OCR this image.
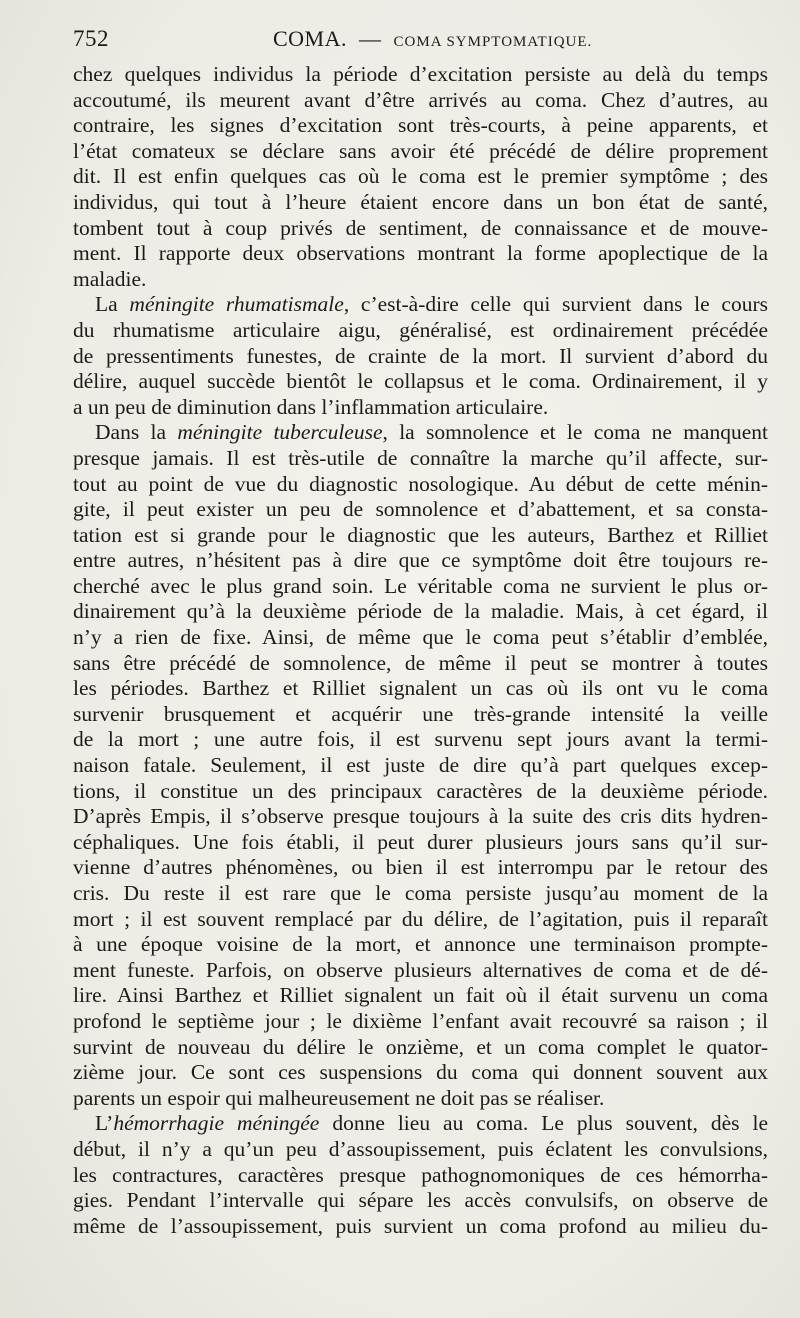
752	COMA. — COMA SYMPTOMATIQUE.
chez quelques individus la période d’excitation persiste au delà du temps
accoutumé, ils meurent avant d’être arrivés au coma. Chez d’autres, au
contraire, les signes d’excitation sont très-courts, à peine apparents, et
l’état comateux se déclare sans avoir été précédé de délire proprement
dit. Il est enfin quelques cas où le coma est le premier symptôme ; des
individus, qui tout à l’heure étaient encore dans un bon état de santé,
tombent tout à coup privés de sentiment, de connaissance et de mouve-
ment. Il rapporte deux observations montrant la forme apoplectique de la
maladie.
La méningite rhumatismale, c’est-à-dire celle qui survient dans le cours
du rhumatisme articulaire aigu, généralisé, est ordinairement précédée
de pressentiments funestes, de crainte de la mort. Il survient d’abord du
délire, auquel succède bientôt le collapsus et le coma. Ordinairement, il y
a un peu de diminution dans l’inflammation articulaire.
Dans la méningite tuberculeuse, la somnolence et le coma ne manquent
presque jamais. Il est très-utile de connaître la marche qu’il affecte, sur-
tout au point de vue du diagnostic nosologique. Au début de cette ménin-
gite, il peut exister un peu de somnolence et d’abattement, et sa consta-
tation est si grande pour le diagnostic que les auteurs, Barthez et Rilliet
entre autres, n’hésitent pas à dire que ce symptôme doit être toujours re-
cherché avec le plus grand soin. Le véritable coma ne survient le plus or-
dinairement qu’à la deuxième période de la maladie. Mais, à cet égard, il
n’y a rien de fixe. Ainsi, de même que le coma peut s’établir d’emblée,
sans être précédé de somnolence, de même il peut se montrer à toutes
les périodes. Barthez et Rilliet signalent un cas où ils ont vu le coma
survenir brusquement et acquérir une très-grande intensité la veille
de la mort ; une autre fois, il est survenu sept jours avant la termi-
naison fatale. Seulement, il est juste de dire qu’à part quelques excep-
tions, il constitue un des principaux caractères de la deuxième période.
D’après Empis, il s’observe presque toujours à la suite des cris dits hydren-
céphaliques. Une fois établi, il peut durer plusieurs jours sans qu’il sur-
vienne d’autres phénomènes, ou bien il est interrompu par le retour des
cris. Du reste il est rare que le coma persiste jusqu’au moment de la
mort ; il est souvent remplacé par du délire, de l’agitation, puis il reparaît
à une époque voisine de la mort, et annonce une terminaison prompte-
ment funeste. Parfois, on observe plusieurs alternatives de coma et de dé-
lire. Ainsi Barthez et Rilliet signalent un fait où il était survenu un coma
profond le septième jour ; le dixième l’enfant avait recouvré sa raison ; il
survint de nouveau du délire le onzième, et un coma complet le quator-
zième jour. Ce sont ces suspensions du coma qui donnent souvent aux
parents un espoir qui malheureusement ne doit pas se réaliser.
L’hémorrhagie méningée donne lieu au coma. Le plus souvent, dès le
début, il n’y a qu’un peu d’assoupissement, puis éclatent les convulsions,
les contractures, caractères presque pathognomoniques de ces hémorrha-
gies. Pendant l’intervalle qui sépare les accès convulsifs, on observe de
même de l’assoupissement, puis survient un coma profond au milieu du-
